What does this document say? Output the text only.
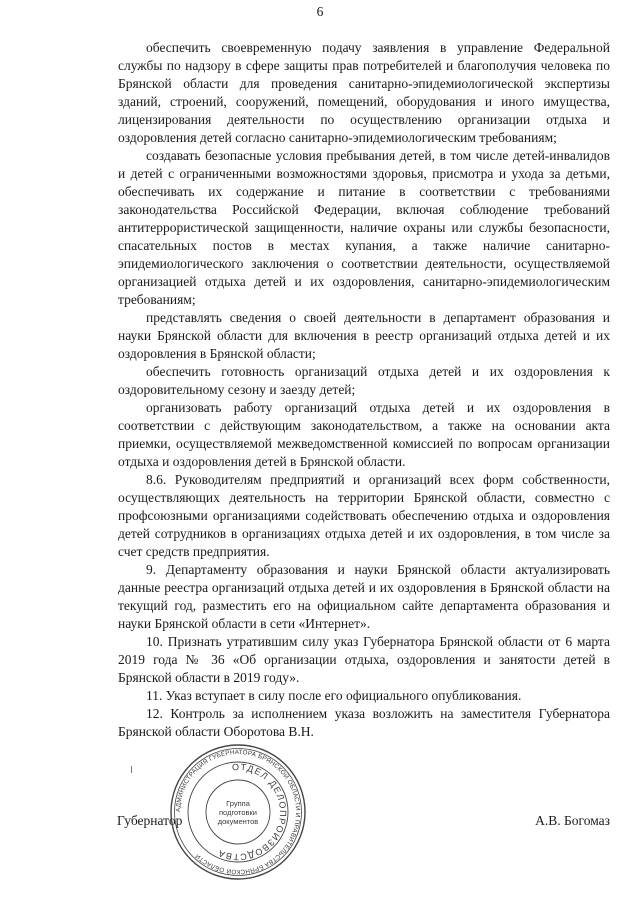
6

обеспечить своевременную подачу заявления в управление Федеральной службы по надзору в сфере защиты прав потребителей и благополучия человека по Брянской области для проведения санитарно-эпидемиологической экспертизы зданий, строений, сооружений, помещений, оборудования и иного имущества, лицензирования деятельности по осуществлению организации отдыха и оздоровления детей согласно санитарно-эпидемиологическим требованиям;

создавать безопасные условия пребывания детей, в том числе детей-инвалидов и детей с ограниченными возможностями здоровья, присмотра и ухода за детьми, обеспечивать их содержание и питание в соответствии с требованиями законодательства Российской Федерации, включая соблюдение требований антитеррористической защищенности, наличие охраны или службы безопасности, спасательных постов в местах купания, а также наличие санитарно-эпидемиологического заключения о соответствии деятельности, осуществляемой организацией отдыха детей и их оздоровления, санитарно-эпидемиологическим требованиям;

представлять сведения о своей деятельности в департамент образования и науки Брянской области для включения в реестр организаций отдыха детей и их оздоровления в Брянской области;

обеспечить готовность организаций отдыха детей и их оздоровления к оздоровительному сезону и заезду детей;

организовать работу организаций отдыха детей и их оздоровления в соответствии с действующим законодательством, а также на основании акта приемки, осуществляемой межведомственной комиссией по вопросам организации отдыха и оздоровления детей в Брянской области.

8.6. Руководителям предприятий и организаций всех форм собственности, осуществляющих деятельность на территории Брянской области, совместно с профсоюзными организациями содействовать обеспечению отдыха и оздоровления детей сотрудников в организациях отдыха детей и их оздоровления, в том числе за счет средств предприятия.

9. Департаменту образования и науки Брянской области актуализировать данные реестра организаций отдыха детей и их оздоровления в Брянской области на текущий год, разместить его на официальном сайте департамента образования и науки Брянской области в сети «Интернет».

10. Признать утратившим силу указ Губернатора Брянской области от 6 марта 2019 года № 36 «Об организации отдыха, оздоровления и занятости детей в Брянской области в 2019 году».

11. Указ вступает в силу после его официального опубликования.

12. Контроль за исполнением указа возложить на заместителя Губернатора Брянской области Оборотова В.Н.

Губернатор	А.В. Богомаз
АДМИНИСТРАЦИЯ ГУБЕРНАТОРА БРЯНСКОЙ ОБЛАСТИ И ПРАВИТЕЛЬСТВА БРЯНСКОЙ ОБЛАСТИ
ОТДЕЛ ДЕЛОПРОИЗВОДСТВА
Группа
подготовки
документов
